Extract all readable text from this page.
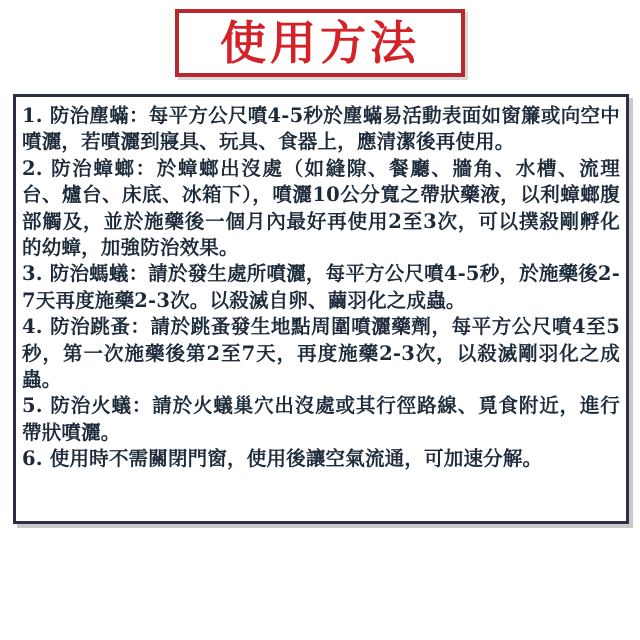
使用方法

1. 防治塵蟎：每平方公尺噴4-5秒於塵蟎易活動表面如窗簾或向空中噴灑，若噴灑到寢具、玩具、食器上，應清潔後再使用。

2. 防治蟑螂：於蟑螂出沒處（如縫隙、餐廳、牆角、水槽、流理台、爐台、床底、冰箱下），噴灑10公分寬之帶狀藥液，以利蟑螂腹部觸及，並於施藥後一個月內最好再使用2至3次，可以撲殺剛孵化的幼蟑，加強防治效果。

3. 防治螞蟻：請於發生處所噴灑，每平方公尺噴4-5秒，於施藥後2-7天再度施藥2-3次。以殺滅自卵、繭羽化之成蟲。

4. 防治跳蚤：請於跳蚤發生地點周圍噴灑藥劑，每平方公尺噴4至5秒，第一次施藥後第2至7天，再度施藥2-3次，以殺滅剛羽化之成蟲。

5. 防治火蟻：請於火蟻巢穴出沒處或其行徑路線、覓食附近，進行帶狀噴灑。

6. 使用時不需關閉門窗，使用後讓空氣流通，可加速分解。
